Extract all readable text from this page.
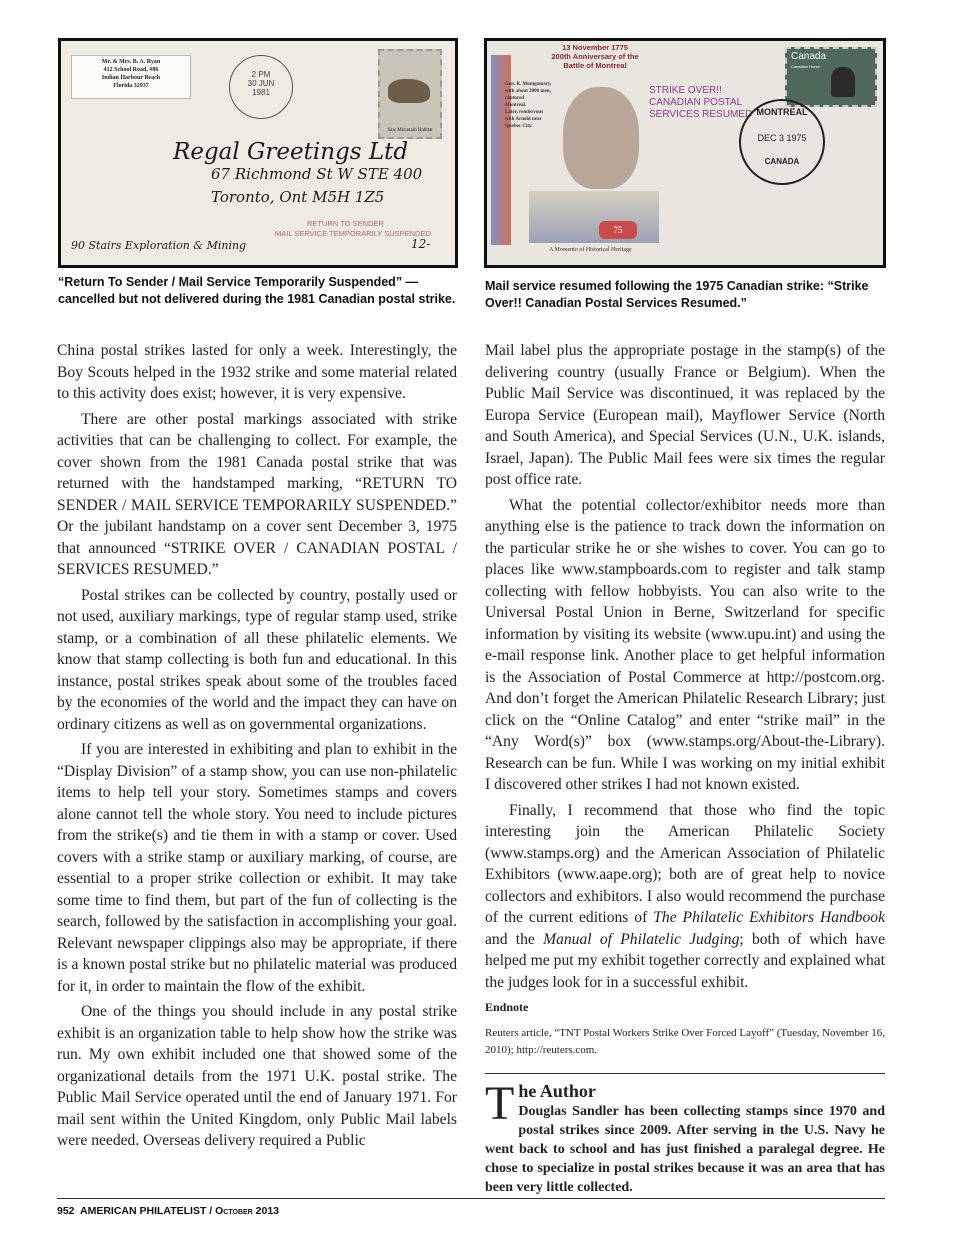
Mr. & Mrs. B. A. Ryan
412 School Road, #86
Indian Harbour Beach
Florida 32937
2 PM
30 JUN
1981
Saw Mountain Habitat
Regal Greetings Ltd
67 Richmond St W STE 400
Toronto, Ont M5H 1Z5
RETURN TO SENDER
MAIL SERVICE TEMPORARILY SUSPENDED
90 Stairs Exploration & Mining	12-
13 November 1775
200th Anniversary of the
Battle of Montreal
Gen. R. Montgomery,
with about 2000 men,
captured
Montreal.
Later, rendezvous
with Arnold near
Quebec City.
75
A Momento of Historical Heritage
STRIKE OVER!!
CANADIAN POSTAL
SERVICES RESUMED
Canada
Canadian Horse
MONTREAL
DEC 3 1975
CANADA
“Return To Sender / Mail Service Temporarily Suspended” — cancelled but not delivered during the 1981 Canadian postal strike.
Mail service resumed following the 1975 Canadian strike: “Strike Over!! Canadian Postal Services Resumed.”

China postal strikes lasted for only a week. Interestingly, the Boy Scouts helped in the 1932 strike and some material related to this activity does exist; however, it is very expensive.

There are other postal markings associated with strike activities that can be challenging to collect. For example, the cover shown from the 1981 Canada postal strike that was returned with the handstamped marking, “RETURN TO SENDER / MAIL SERVICE TEMPORARILY SUSPENDED.” Or the jubilant handstamp on a cover sent December 3, 1975 that announced “STRIKE OVER / CANADIAN POSTAL / SERVICES RESUMED.”

Postal strikes can be collected by country, postally used or not used, auxiliary markings, type of regular stamp used, strike stamp, or a combination of all these philatelic elements. We know that stamp collecting is both fun and educational. In this instance, postal strikes speak about some of the troubles faced by the economies of the world and the impact they can have on ordinary citizens as well as on governmental organizations.

If you are interested in exhibiting and plan to exhibit in the “Display Division” of a stamp show, you can use non-philatelic items to help tell your story. Sometimes stamps and covers alone cannot tell the whole story. You need to include pictures from the strike(s) and tie them in with a stamp or cover. Used covers with a strike stamp or auxiliary marking, of course, are essential to a proper strike collection or exhibit. It may take some time to find them, but part of the fun of collecting is the search, followed by the satisfaction in accomplishing your goal. Relevant newspaper clippings also may be appropriate, if there is a known postal strike but no philatelic material was produced for it, in order to maintain the flow of the exhibit.

One of the things you should include in any postal strike exhibit is an organization table to help show how the strike was run. My own exhibit included one that showed some of the organizational details from the 1971 U.K. postal strike. The Public Mail Service operated until the end of January 1971. For mail sent within the United Kingdom, only Public Mail labels were needed. Overseas delivery required a Public

Mail label plus the appropriate postage in the stamp(s) of the delivering country (usually France or Belgium). When the Public Mail Service was discontinued, it was replaced by the Europa Service (European mail), Mayflower Service (North and South America), and Special Services (U.N., U.K. islands, Israel, Japan). The Public Mail fees were six times the regular post office rate.

What the potential collector/exhibitor needs more than anything else is the patience to track down the information on the particular strike he or she wishes to cover. You can go to places like www.stampboards.com to register and talk stamp collecting with fellow hobbyists. You can also write to the Universal Postal Union in Berne, Switzerland for specific information by visiting its website (www.upu.int) and using the e-mail response link. Another place to get helpful information is the Association of Postal Commerce at http://postcom.org. And don’t forget the American Philatelic Research Library; just click on the “Online Catalog” and enter “strike mail” in the “Any Word(s)” box (www.stamps.org/About-the-Library). Research can be fun. While I was working on my initial exhibit I discovered other strikes I had not known existed.

Finally, I recommend that those who find the topic interesting join the American Philatelic Society (www.stamps.org) and the American Association of Philatelic Exhibitors (www.aape.org); both are of great help to novice collectors and exhibitors. I also would recommend the purchase of the current editions of The Philatelic Exhibitors Handbook and the Manual of Philatelic Judging; both of which have helped me put my exhibit together correctly and explained what the judges look for in a successful exhibit.

Endnote
Reuters article, “TNT Postal Workers Strike Over Forced Layoff” (Tuesday, November 16, 2010); http://reuters.com.
T he Author
Douglas Sandler has been collecting stamps since 1970 and postal strikes since 2009. After serving in the U.S. Navy he went back to school and has just finished a paralegal degree. He chose to specialize in postal strikes because it was an area that has been very little collected.
952 AMERICAN PHILATELIST / October 2013
